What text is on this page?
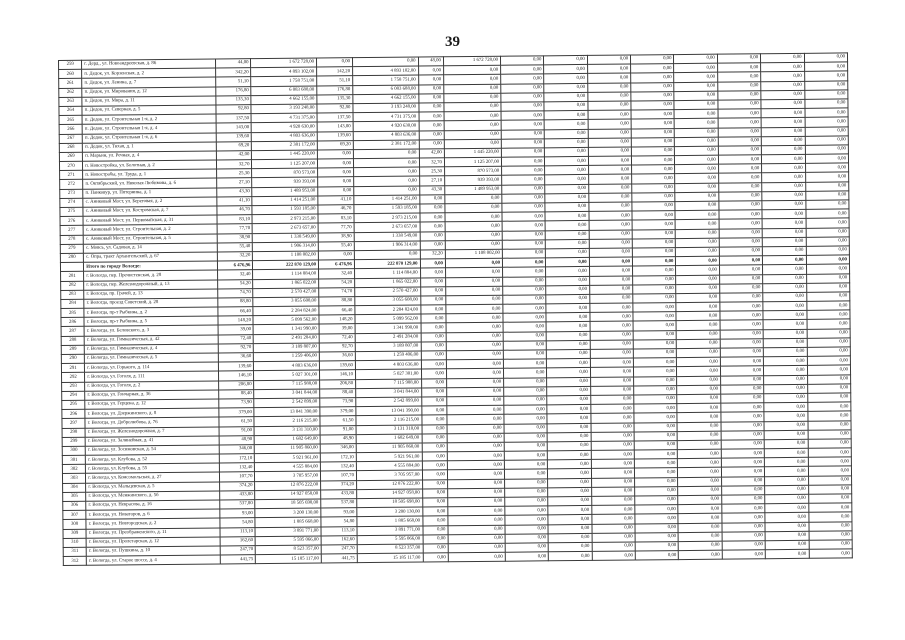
39
259	г. Дерд., ул. Новоандреевская, д. 86	44,00	1 672 728,00	0,00	0,00	48,00	1 672 728,00	0,00	0,00	0,00	0,00	0,00	0,00	0,00	0,00
260	п. Дедок, ул. Корзенская, д. 2	342,20	4 893 102,00	142,20	4 893 102,00	0,00	0,00	0,00	0,00	0,00	0,00	0,00	0,00	0,00	0,00
261	п. Дедок, ул. Ленина, д. 7	51,10	1 758 751,00	51,10	1 758 751,00	0,00	0,00	0,00	0,00	0,00	0,00	0,00	0,00	0,00	0,00
262	п. Дедок, ул. Мирования, д. 12	176,80	6 083 688,00	176,80	6 083 688,00	0,00	0,00	0,00	0,00	0,00	0,00	0,00	0,00	0,00	0,00
263	п. Дедок, ул. Мира, д. 11	135,30	4 662 155,00	135,30	4 662 155,00	0,00	0,00	0,00	0,00	0,00	0,00	0,00	0,00	0,00	0,00
264	п. Дедок, ул. Северная, д. 5	92,80	3 193 248,00	92,80	3 193 248,00	0,00	0,00	0,00	0,00	0,00	0,00	0,00	0,00	0,00	0,00
265	п. Дедок, ул. Строительная 1-я, д. 2	137,50	4 731 375,00	137,50	4 731 375,00	0,00	0,00	0,00	0,00	0,00	0,00	0,00	0,00	0,00	0,00
266	п. Дедок, ул. Строительная 1-я, д. 4	143,00	4 920 630,00	143,00	4 920 630,00	0,00	0,00	0,00	0,00	0,00	0,00	0,00	0,00	0,00	0,00
267	п. Дедок, ул. Строительная 1-я, д. 6	139,60	4 803 636,00	139,60	4 803 636,00	0,00	0,00	0,00	0,00	0,00	0,00	0,00	0,00	0,00	0,00
268	п. Дедок, ул. Тихая, д. 1	69,20	2 381 172,00	69,20	2 381 172,00	0,00	0,00	0,00	0,00	0,00	0,00	0,00	0,00	0,00	0,00
269	п. Марьин, ул. Речная, д. 4	42,00	1 445 220,00	0,00	0,00	42,00	1 445 220,00	0,00	0,00	0,00	0,00	0,00	0,00	0,00	0,00
270	п. Новостройка, ул. Болотная, д. 2	32,70	1 125 207,00	0,00	0,00	32,70	1 125 207,00	0,00	0,00	0,00	0,00	0,00	0,00	0,00	0,00
271	п. Новострабы, ул. Труда, д. 1	25,30	870 573,00	0,00	0,00	25,30	870 573,00	0,00	0,00	0,00	0,00	0,00	0,00	0,00	0,00
272	п. Октябрьский, ул. Николая Любимова, д. 6	27,10	939 393,00	0,00	0,00	27,10	939 393,00	0,00	0,00	0,00	0,00	0,00	0,00	0,00	0,00
273	п. Паиковур, ул. Пятернина, д. 1	43,30	1 489 953,00	0,00	0,00	43,30	1 489 953,00	0,00	0,00	0,00	0,00	0,00	0,00	0,00	0,00
274	с. Аниковый Мост, ул. Береговая, д. 2	41,10	1 414 251,00	41,10	1 414 251,00	0,00	0,00	0,00	0,00	0,00	0,00	0,00	0,00	0,00	0,00
275	с. Аниковый Мост, ул. Костромская, д. 7	46,70	1 593 185,00	46,70	1 593 185,00	0,00	0,00	0,00	0,00	0,00	0,00	0,00	0,00	0,00	0,00
276	с. Аниковый Мост, ул. Первомайская, д. 31	83,10	2 973 215,00	83,10	2 973 215,00	0,00	0,00	0,00	0,00	0,00	0,00	0,00	0,00	0,00	0,00
277	с. Аниковый Мост, ул. Строительная, д. 2	77,70	2 673 657,00	77,70	2 673 657,00	0,00	0,00	0,00	0,00	0,00	0,00	0,00	0,00	0,00	0,00
278	с. Аниковый Мост, ул. Строительная, д. 5	38,90	1 338 549,00	38,90	1 338 549,00	0,00	0,00	0,00	0,00	0,00	0,00	0,00	0,00	0,00	0,00
279	с. Мовсь, ул. Садовая, д. 14	55,40	1 906 314,00	55,40	1 906 314,00	0,00	0,00	0,00	0,00	0,00	0,00	0,00	0,00	0,00	0,00
280	с. Опра, тракт Архангельский, д. 67	32,20	1 108 002,00	0,00	0,00	32,20	1 108 002,00	0,00	0,00	0,00	0,00	0,00	0,00	0,00	0,00
	Итого по городу Вологде:	6 476,96	222 870 129,00	6 476,96	222 870 129,00	0,00	0,00	0,00	0,00	0,00	0,00	0,00	0,00	0,00	0,00
281	г. Вологда, пер. Пречистенская, д. 28	32,40	1 114 884,00	32,40	1 114 884,00	0,00	0,00	0,00	0,00	0,00	0,00	0,00	0,00	0,00	0,00
282	г. Вологда, пер. Железнодорожный, д. 13	54,20	1 865 022,00	54,20	1 865 022,00	0,00	0,00	0,00	0,00	0,00	0,00	0,00	0,00	0,00	0,00
283	г. Вологда, пр. Грачей, д. 13	74,70	2 570 427,00	74,70	2 570 427,00	0,00	0,00	0,00	0,00	0,00	0,00	0,00	0,00	0,00	0,00
284	г. Вологда, проезд Советский, д. 28	88,80	3 055 608,00	88,80	3 055 608,00	0,00	0,00	0,00	0,00	0,00	0,00	0,00	0,00	0,00	0,00
285	г. Вологда, пр-т Рыбкина, д. 2	66,40	2 284 824,00	66,40	2 284 824,00	0,00	0,00	0,00	0,00	0,00	0,00	0,00	0,00	0,00	0,00
286	г. Вологда, пр-т Рыбкина, д. 5	148,20	5 099 562,00	148,20	5 099 562,00	0,00	0,00	0,00	0,00	0,00	0,00	0,00	0,00	0,00	0,00
287	г. Вологда, ул. Беловского, д. 3	39,00	1 341 990,00	39,00	1 341 990,00	0,00	0,00	0,00	0,00	0,00	0,00	0,00	0,00	0,00	0,00
288	г. Вологда, ул. Гимназическая, д. 42	72,40	2 491 284,00	72,40	2 491 284,00	0,00	0,00	0,00	0,00	0,00	0,00	0,00	0,00	0,00	0,00
289	г. Вологда, ул. Гимназическая, д. 4	92,70	3 189 807,00	92,70	3 189 807,00	0,00	0,00	0,00	0,00	0,00	0,00	0,00	0,00	0,00	0,00
290	г. Вологда, ул. Гимназическая, д. 5	36,60	1 259 406,00	36,60	1 259 406,00	0,00	0,00	0,00	0,00	0,00	0,00	0,00	0,00	0,00	0,00
291	г. Вологда, ул. Горького, д. 114	139,60	4 803 636,00	139,60	4 803 636,00	0,00	0,00	0,00	0,00	0,00	0,00	0,00	0,00	0,00	0,00
292	г. Вологда, ул. Гоголя, д. 111	146,10	5 027 301,00	146,10	5 027 301,00	0,00	0,00	0,00	0,00	0,00	0,00	0,00	0,00	0,00	0,00
293	г. Вологда, ул. Гоголя, д. 2	206,80	7 115 988,00	206,80	7 115 988,00	0,00	0,00	0,00	0,00	0,00	0,00	0,00	0,00	0,00	0,00
294	г. Вологда, ул. Гончарная, д. 36	88,40	3 041 844,00	88,40	3 041 844,00	0,00	0,00	0,00	0,00	0,00	0,00	0,00	0,00	0,00	0,00
295	г. Вологда, ул. Герцена, д. 12	73,90	2 542 899,00	73,90	2 542 899,00	0,00	0,00	0,00	0,00	0,00	0,00	0,00	0,00	0,00	0,00
296	г. Вологда, ул. Дзержинского, д. 8	379,00	13 041 390,00	379,00	13 041 390,00	0,00	0,00	0,00	0,00	0,00	0,00	0,00	0,00	0,00	0,00
297	г. Вологда, ул. Добролюбова, д. 76	61,50	2 116 215,00	61,50	2 116 215,00	0,00	0,00	0,00	0,00	0,00	0,00	0,00	0,00	0,00	0,00
298	г. Вологда, ул. Железнодорожная, д. 7	91,00	3 131 310,00	91,00	3 131 310,00	0,00	0,00	0,00	0,00	0,00	0,00	0,00	0,00	0,00	0,00
299	г. Вологда, ул. Залинейная, д. 41	48,90	1 682 649,00	48,90	1 682 649,00	0,00	0,00	0,00	0,00	0,00	0,00	0,00	0,00	0,00	0,00
300	г. Вологда, ул. Зосимовская, д. 54	346,00	11 905 860,00	346,00	11 905 860,00	0,00	0,00	0,00	0,00	0,00	0,00	0,00	0,00	0,00	0,00
301	г. Вологда, ул. Клубова, д. 52	172,10	5 921 961,00	172,10	5 921 961,00	0,00	0,00	0,00	0,00	0,00	0,00	0,00	0,00	0,00	0,00
302	г. Вологда, ул. Клубова, д. 55	132,40	4 555 884,00	132,40	4 555 884,00	0,00	0,00	0,00	0,00	0,00	0,00	0,00	0,00	0,00	0,00
303	г. Вологда, ул. Комсомольская, д. 27	107,70	3 705 957,00	107,70	3 705 957,00	0,00	0,00	0,00	0,00	0,00	0,00	0,00	0,00	0,00	0,00
304	г. Вологда, ул. Мальцевская, д. 5	374,20	12 876 222,00	374,20	12 876 222,00	0,00	0,00	0,00	0,00	0,00	0,00	0,00	0,00	0,00	0,00
305	г. Вологда, ул. Менжинского, д. 5б	433,80	14 927 058,00	433,80	14 927 058,00	0,00	0,00	0,00	0,00	0,00	0,00	0,00	0,00	0,00	0,00
306	г. Вологда, ул. Некрасова, д. 16	537,80	18 505 698,00	537,80	18 505 698,00	0,00	0,00	0,00	0,00	0,00	0,00	0,00	0,00	0,00	0,00
307	г. Вологда, ул. Новаторов, д. 6	93,00	3 200 130,00	93,00	3 200 130,00	0,00	0,00	0,00	0,00	0,00	0,00	0,00	0,00	0,00	0,00
308	г. Вологда, ул. Новгородская, д. 2	54,80	1 885 668,00	54,80	1 885 668,00	0,00	0,00	0,00	0,00	0,00	0,00	0,00	0,00	0,00	0,00
309	г. Вологда, ул. Преображенского, д. 11	113,10	3 891 771,00	113,10	3 891 771,00	0,00	0,00	0,00	0,00	0,00	0,00	0,00	0,00	0,00	0,00
310	г. Вологда, ул. Пролетарская, д. 12	162,60	5 595 066,00	162,60	5 595 066,00	0,00	0,00	0,00	0,00	0,00	0,00	0,00	0,00	0,00	0,00
311	г. Вологда, ул. Пушкина, д. 10	247,70	8 523 357,00	247,70	8 523 357,00	0,00	0,00	0,00	0,00	0,00	0,00	0,00	0,00	0,00	0,00
312	г. Вологда, ул. Старое шоссе, д. 4	441,75	15 185 117,00	441,75	15 185 117,00	0,00	0,00	0,00	0,00	0,00	0,00	0,00	0,00	0,00	0,00
